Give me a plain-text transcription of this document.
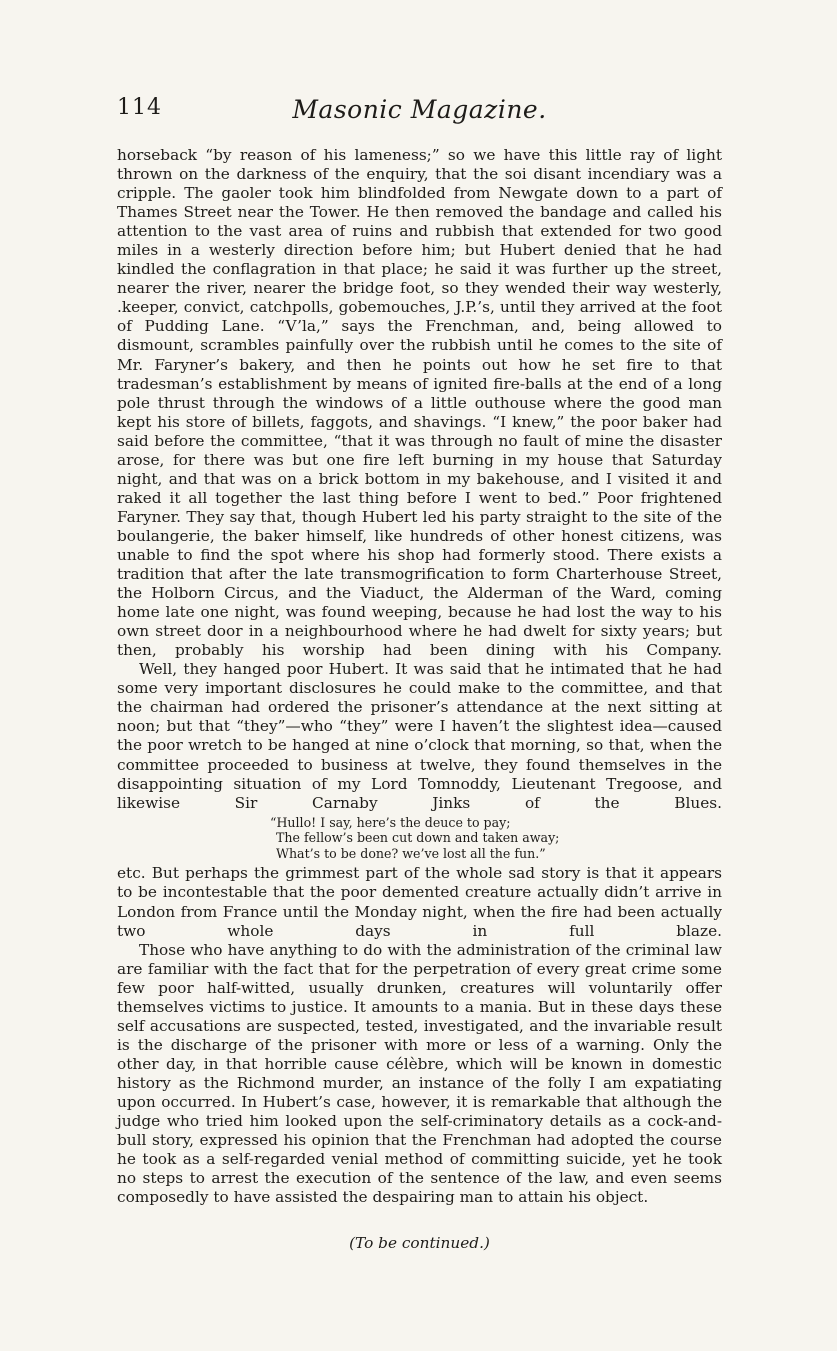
114	Masonic Magazine.

horseback “by reason of his lameness;” so we have this little ray of light thrown on the darkness of the enquiry, that the soi disant incendiary was a cripple. The gaoler took him blindfolded from Newgate down to a part of Thames Street near the Tower. He then removed the bandage and called his attention to the vast area of ruins and rubbish that extended for two good miles in a westerly direction before him; but Hubert denied that he had kindled the conflagration in that place; he said it was further up the street, nearer the river, nearer the bridge foot, so they wended their way westerly, .keeper, convict, catchpolls, gobemouches, J.P.’s, until they arrived at the foot of Pudding Lane. “V’la,” says the Frenchman, and, being allowed to dismount, scrambles painfully over the rubbish until he comes to the site of Mr. Faryner’s bakery, and then he points out how he set fire to that tradesman’s establishment by means of ignited fire-balls at the end of a long pole thrust through the windows of a little outhouse where the good man kept his store of billets, faggots, and shavings. “I knew,” the poor baker had said before the committee, “that it was through no fault of mine the disaster arose, for there was but one fire left burning in my house that Saturday night, and that was on a brick bottom in my bakehouse, and I visited it and raked it all together the last thing before I went to bed.” Poor frightened Faryner. They say that, though Hubert led his party straight to the site of the boulangerie, the baker himself, like hundreds of other honest citizens, was unable to find the spot where his shop had formerly stood. There exists a tradition that after the late transmogrification to form Charterhouse Street, the Holborn Circus, and the Viaduct, the Alderman of the Ward, coming home late one night, was found weeping, because he had lost the way to his own street door in a neighbourhood where he had dwelt for sixty years; but then, probably his worship had been dining with his Company.

Well, they hanged poor Hubert. It was said that he intimated that he had some very important disclosures he could make to the committee, and that the chairman had ordered the prisoner’s attendance at the next sitting at noon; but that “they”—who “they” were I haven’t the slightest idea—caused the poor wretch to be hanged at nine o’clock that morning, so that, when the committee proceeded to business at twelve, they found themselves in the disappointing situation of my Lord Tomnoddy, Lieutenant Tregoose, and likewise Sir Carnaby Jinks of the Blues.

“Hullo! I say, here’s the deuce to pay;
The fellow’s been cut down and taken away;
What’s to be done? we’ve lost all the fun.”

etc. But perhaps the grimmest part of the whole sad story is that it appears to be incontestable that the poor demented creature actually didn’t arrive in London from France until the Monday night, when the fire had been actually two whole days in full blaze.

Those who have anything to do with the administration of the criminal law are familiar with the fact that for the perpetration of every great crime some few poor half-witted, usually drunken, creatures will voluntarily offer themselves victims to justice. It amounts to a mania. But in these days these self accusations are suspected, tested, investigated, and the invariable result is the discharge of the prisoner with more or less of a warning. Only the other day, in that horrible cause célèbre, which will be known in domestic history as the Richmond murder, an instance of the folly I am expatiating upon occurred. In Hubert’s case, however, it is remarkable that although the judge who tried him looked upon the self-criminatory details as a cock-and-bull story, expressed his opinion that the Frenchman had adopted the course he took as a self-regarded venial method of committing suicide, yet he took no steps to arrest the execution of the sentence of the law, and even seems composedly to have assisted the despairing man to attain his object.

(To be continued.)
